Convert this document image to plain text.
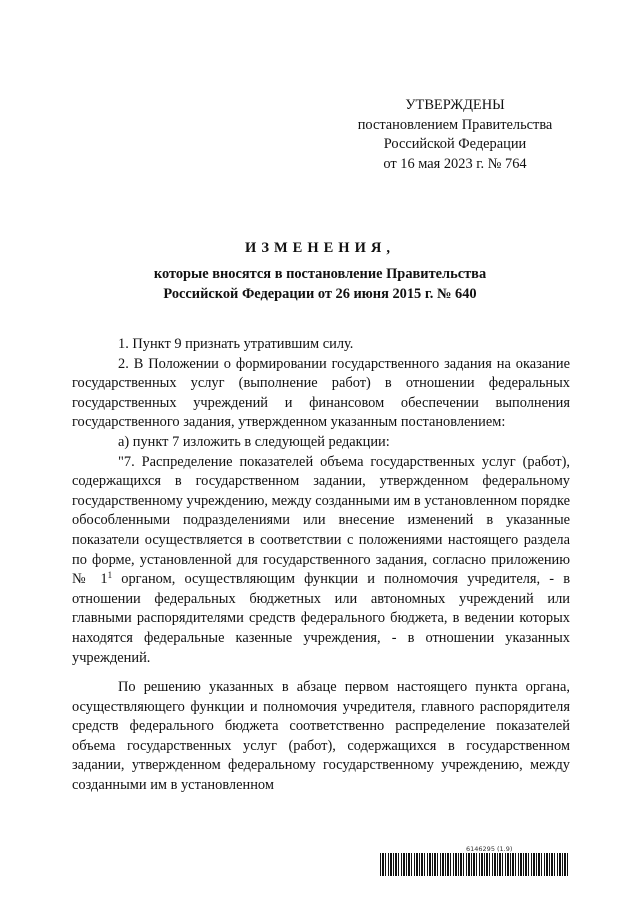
УТВЕРЖДЕНЫ
постановлением Правительства
Российской Федерации
от 16 мая 2023 г. № 764
ИЗМЕНЕНИЯ,
которые вносятся в постановление Правительства
Российской Федерации от 26 июня 2015 г. № 640

1. Пункт 9 признать утратившим силу.

2. В Положении о формировании государственного задания на оказание государственных услуг (выполнение работ) в отношении федеральных государственных учреждений и финансовом обеспечении выполнения государственного задания, утвержденном указанным постановлением:

а) пункт 7 изложить в следующей редакции:

"7. Распределение показателей объема государственных услуг (работ), содержащихся в государственном задании, утвержденном федеральному государственному учреждению, между созданными им в установленном порядке обособленными подразделениями или внесение изменений в указанные показатели осуществляется в соответствии с положениями настоящего раздела по форме, установленной для государственного задания, согласно приложению № $1^1$ органом, осуществляющим функции и полномочия учредителя, - в отношении федеральных бюджетных или автономных учреждений или главными распорядителями средств федерального бюджета, в ведении которых находятся федеральные казенные учреждения, - в отношении указанных учреждений.

По решению указанных в абзаце первом настоящего пункта органа, осуществляющего функции и полномочия учредителя, главного распорядителя средств федерального бюджета соответственно распределение показателей объема государственных услуг (работ), содержащихся в государственном задании, утвержденном федеральному государственному учреждению, между созданными им в установленном

6146295 (1.9)
